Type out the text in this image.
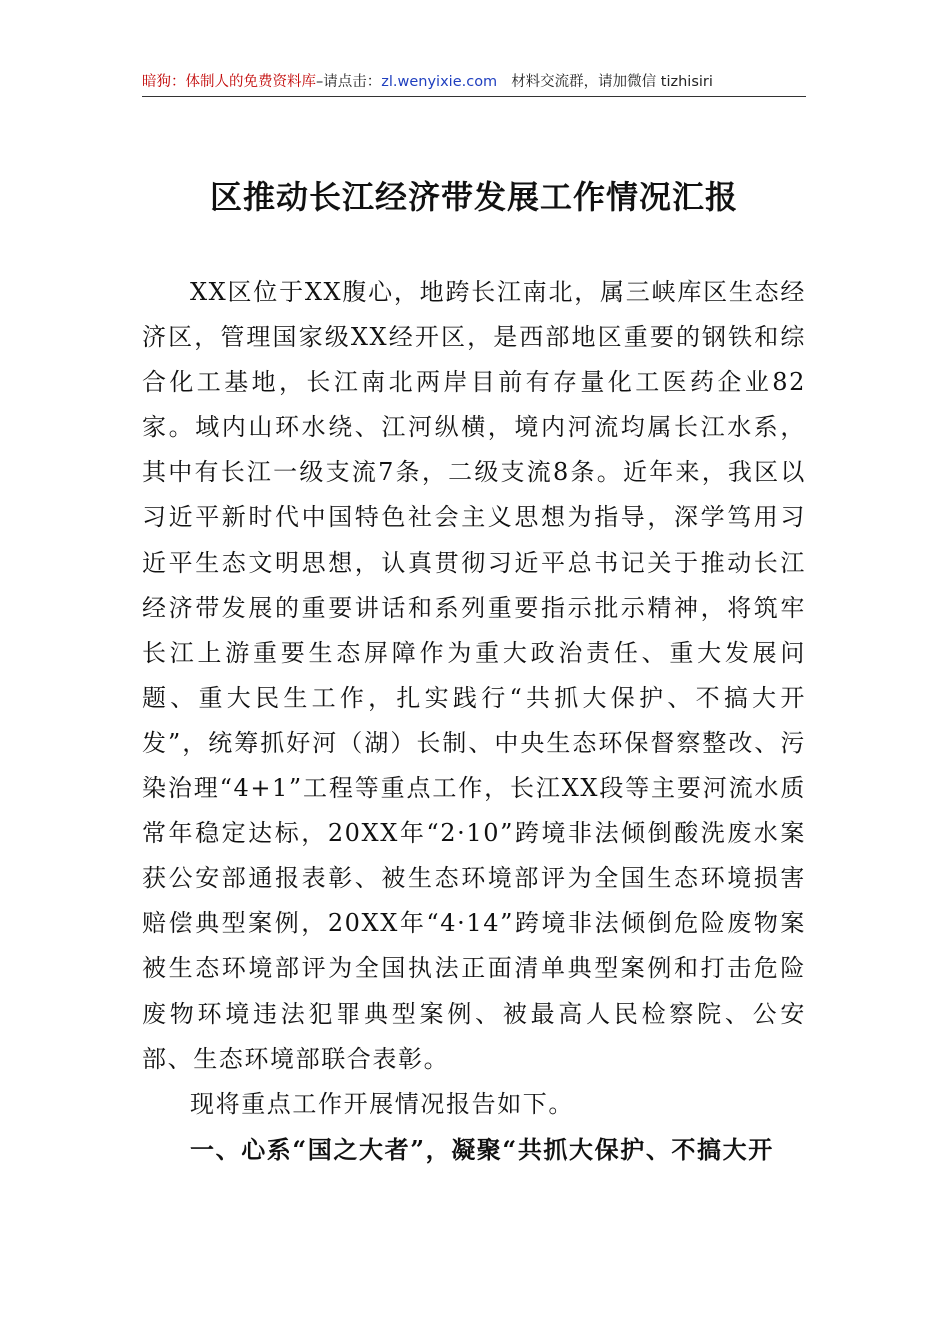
暗狗：体制人的免费资料库–请点击：zl.wenyixie.com 材料交流群，请加微信 tizhisiri
区推动长江经济带发展工作情况汇报

XX区位于XX腹心，地跨长江南北，属三峡库区生态经济区，管理国家级XX经开区，是西部地区重要的钢铁和综合化工基地，长江南北两岸目前有存量化工医药企业82家。域内山环水绕、江河纵横，境内河流均属长江水系，其中有长江一级支流7条，二级支流8条。近年来，我区以习近平新时代中国特色社会主义思想为指导，深学笃用习近平生态文明思想，认真贯彻习近平总书记关于推动长江经济带发展的重要讲话和系列重要指示批示精神，将筑牢长江上游重要生态屏障作为重大政治责任、重大发展问题、重大民生工作，扎实践行“共抓大保护、不搞大开发”，统筹抓好河（湖）长制、中央生态环保督察整改、污染治理“4+1”工程等重点工作，长江XX段等主要河流水质常年稳定达标，20XX年“2·10”跨境非法倾倒酸洗废水案获公安部通报表彰、被生态环境部评为全国生态环境损害赔偿典型案例，20XX年“4·14”跨境非法倾倒危险废物案被生态环境部评为全国执法正面清单典型案例和打击危险废物环境违法犯罪典型案例、被最高人民检察院、公安部、生态环境部联合表彰。

现将重点工作开展情况报告如下。

一、心系“国之大者”，凝聚“共抓大保护、不搞大开
